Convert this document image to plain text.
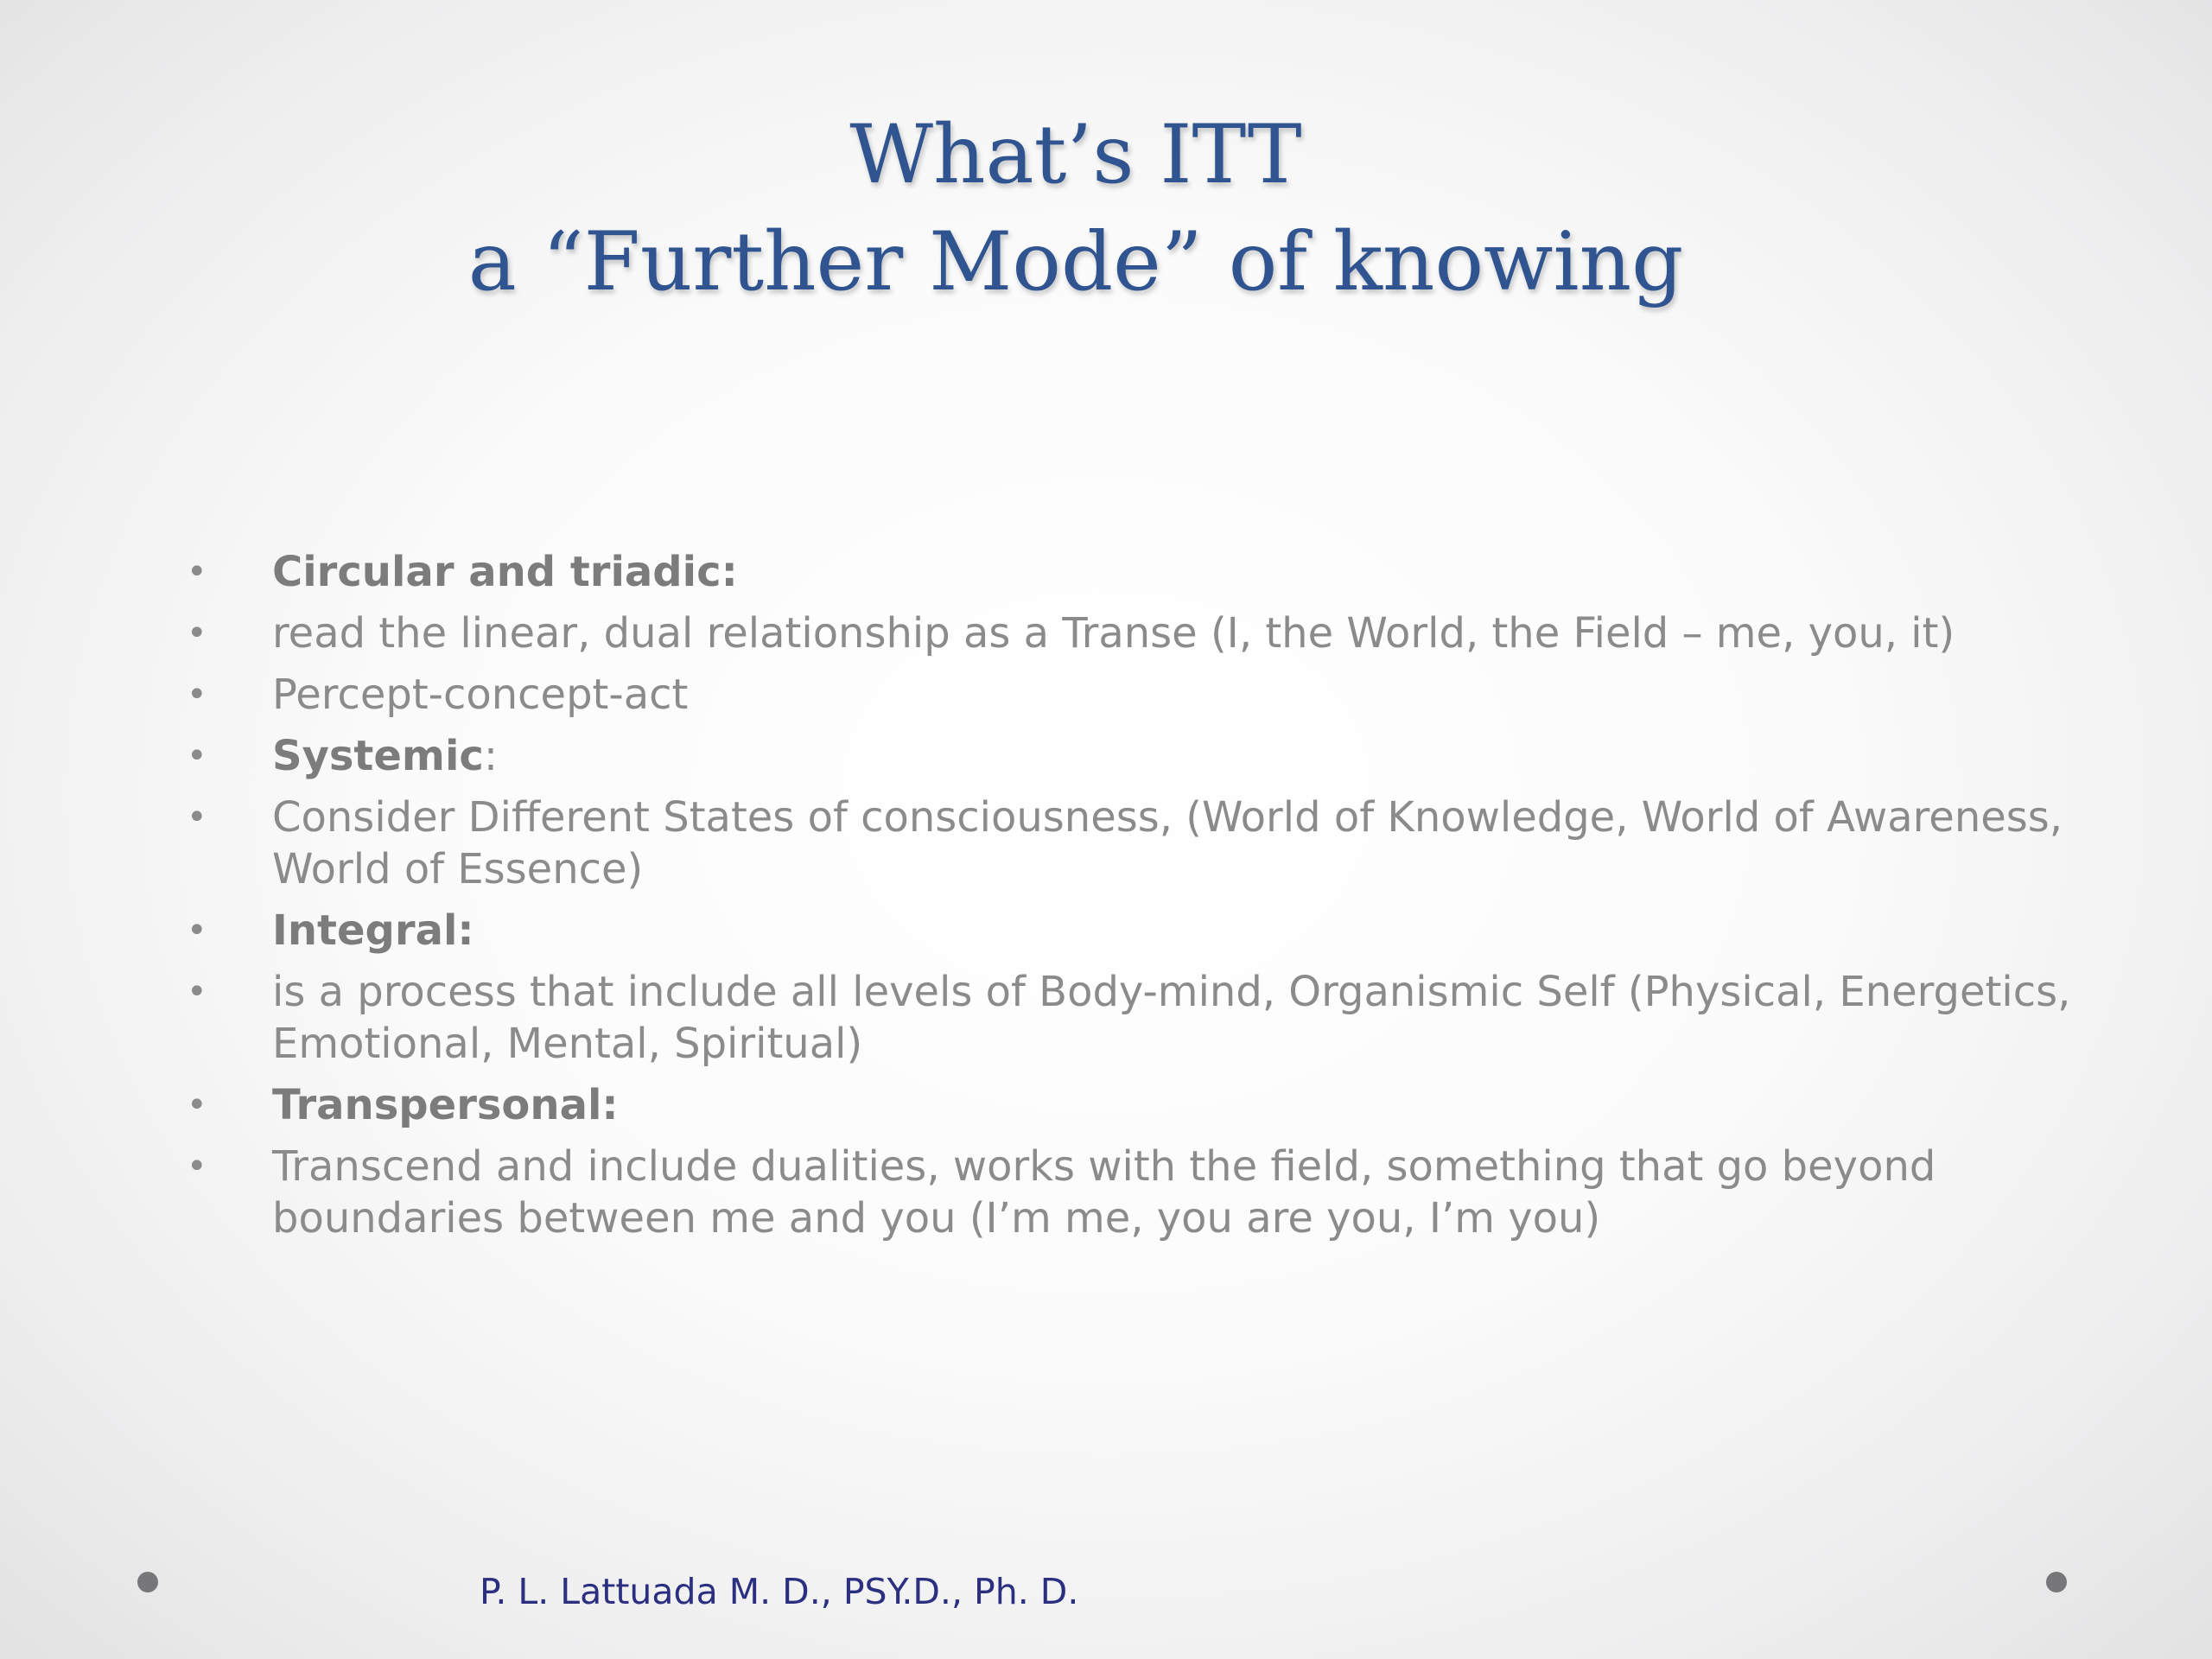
What’s ITT
a “Further Mode” of knowing
• Circular and triadic:
• read the linear, dual relationship as a Transe (I, the World, the Field – me, you, it)
• Percept-concept-act
• Systemic:
• Consider Different States of consciousness, (World of Knowledge, World of Awareness, World of Essence)
• Integral:
• is a process that include all levels of Body-mind, Organismic Self (Physical, Energetics, Emotional, Mental, Spiritual)
• Transpersonal:
• Transcend and include dualities, works with the field, something that go beyond boundaries between me and you (I’m me, you are you, I’m you)
P. L. Lattuada M. D., PSY.D., Ph. D.
